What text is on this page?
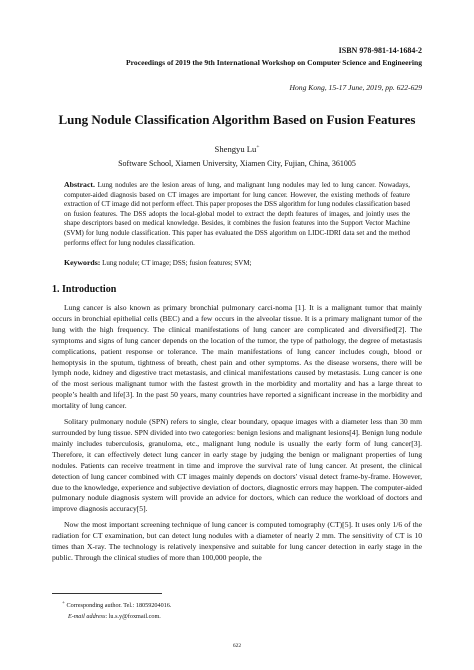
ISBN 978-981-14-1684-2
Proceedings of 2019 the 9th International Workshop on Computer Science and Engineering
Hong Kong, 15-17 June, 2019, pp. 622-629
Lung Nodule Classification Algorithm Based on Fusion Features
Shengyu Lu+
Software School, Xiamen University, Xiamen City, Fujian, China, 361005
Abstract. Lung nodules are the lesion areas of lung, and malignant lung nodules may led to lung cancer. Nowadays, computer-aided diagnosis based on CT images are important for lung cancer. However, the existing methods of feature extraction of CT image did not perform effect. This paper proposes the DSS algorithm for lung nodules classification based on fusion features. The DSS adopts the local-global model to extract the depth features of images, and jointly uses the shape descriptors based on medical knowledge. Besides, it combines the fusion features into the Support Vector Machine (SVM) for lung nodule classification. This paper has evaluated the DSS algorithm on LIDC-IDRI data set and the method performs effect for lung nodules classification.
Keywords: Lung nodule; CT image; DSS; fusion features; SVM;
1. Introduction

Lung cancer is also known as primary bronchial pulmonary carci-noma [1]. It is a malignant tumor that mainly occurs in bronchial epithelial cells (BEC) and a few occurs in the alveolar tissue. It is a primary malignant tumor of the lung with the high frequency. The clinical manifestations of lung cancer are complicated and diversified[2]. The symptoms and signs of lung cancer depends on the location of the tumor, the type of pathology, the degree of metastasis complications, patient response or tolerance. The main manifestations of lung cancer includes cough, blood or hemoptysis in the sputum, tightness of breath, chest pain and other symptoms. As the disease worsens, there will be lymph node, kidney and digestive tract metastasis, and clinical manifestations caused by metastasis. Lung cancer is one of the most serious malignant tumor with the fastest growth in the morbidity and mortality and has a large threat to people’s health and life[3]. In the past 50 years, many countries have reported a significant increase in the morbidity and mortality of lung cancer.

Solitary pulmonary nodule (SPN) refers to single, clear boundary, opaque images with a diameter less than 30 mm surrounded by lung tissue. SPN divided into two categories: benign lesions and malignant lesions[4]. Benign lung nodule mainly includes tuberculosis, granuloma, etc., malignant lung nodule is usually the early form of lung cancer[3]. Therefore, it can effectively detect lung cancer in early stage by judging the benign or malignant properties of lung nodules. Patients can receive treatment in time and improve the survival rate of lung cancer. At present, the clinical detection of lung cancer combined with CT images mainly depends on doctors' visual detect frame-by-frame. However, due to the knowledge, experience and subjective deviation of doctors, diagnostic errors may happen. The computer-aided pulmonary nodule diagnosis system will provide an advice for doctors, which can reduce the workload of doctors and improve diagnosis accuracy[5].

Now the most important screening technique of lung cancer is computed tomography (CT)[5]. It uses only 1/6 of the radiation for CT examination, but can detect lung nodules with a diameter of nearly 2 mm. The sensitivity of CT is 10 times than X-ray. The technology is relatively inexpensive and suitable for lung cancer detection in early stage in the public. Through the clinical studies of more than 100,000 people, the

+ Corresponding author. Tel.: 18059204016.
E-mail address: lu.s.y@foxmail.com.
622
